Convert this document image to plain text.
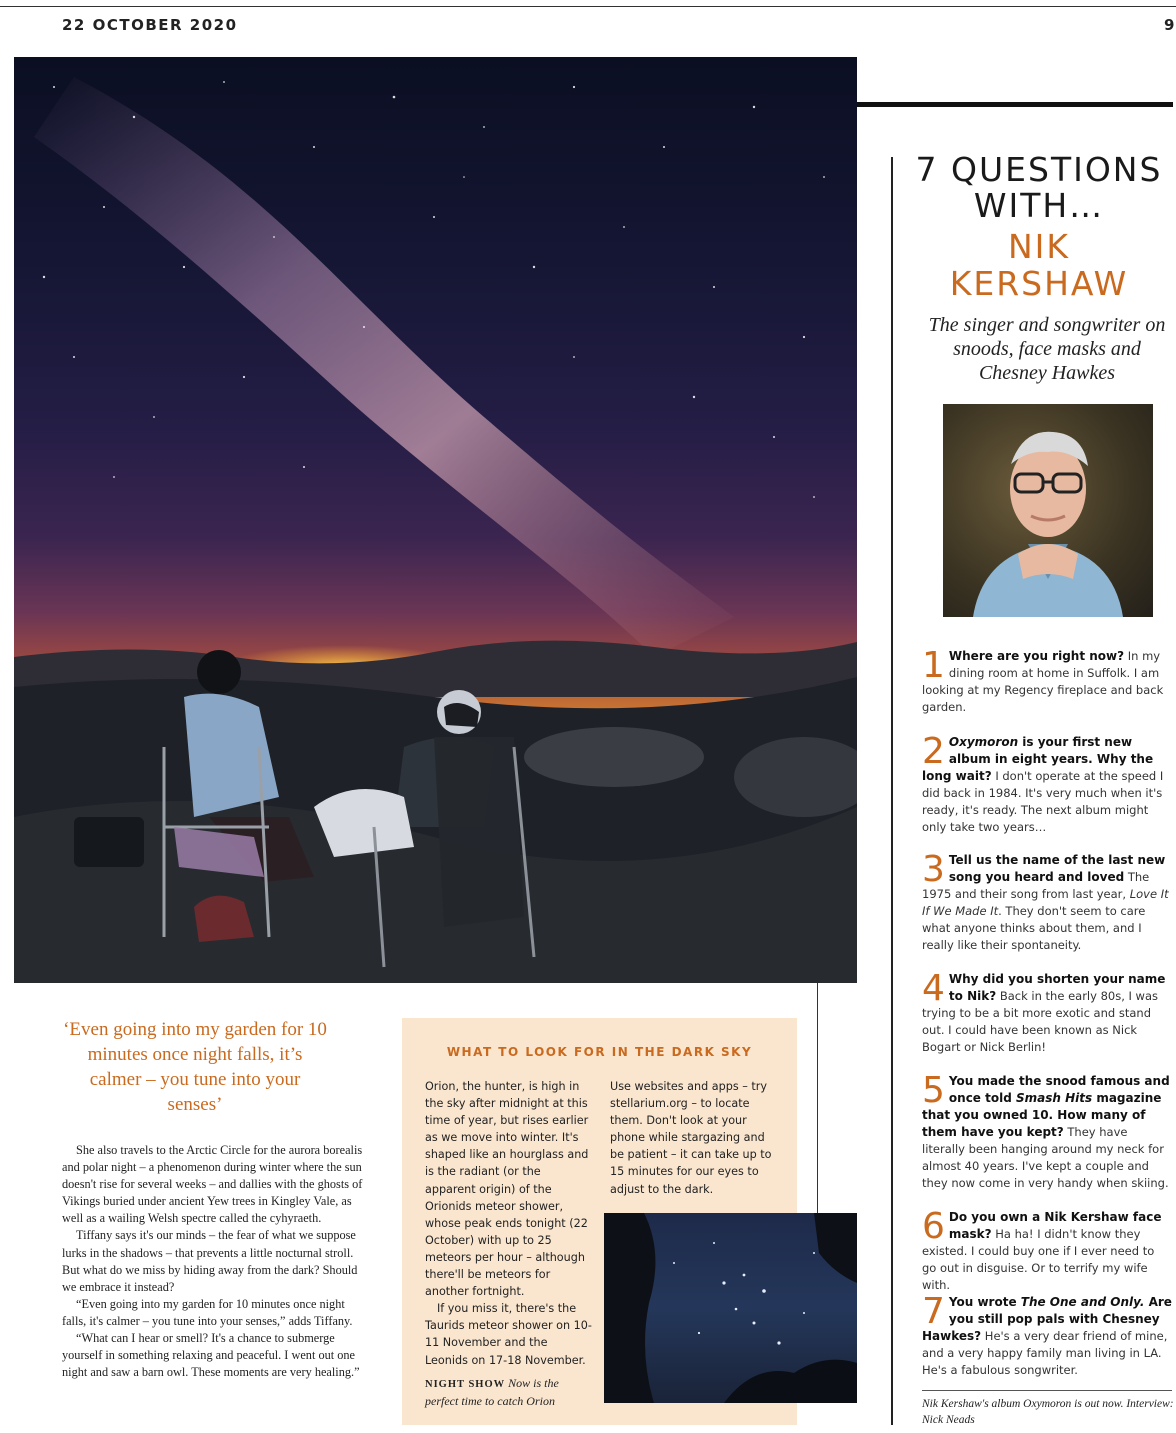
22 OCTOBER 2020	9
7 QUESTIONS
WITH…
NIK
KERSHAW
The singer and songwriter on snoods, face masks and Chesney Hawkes
1 Where are you right now? In my dining room at home in Suffolk. I am looking at my Regency fireplace and back garden.
2 Oxymoron is your first new album in eight years. Why the long wait? I don't operate at the speed I did back in 1984. It's very much when it's ready, it's ready. The next album might only take two years…
3 Tell us the name of the last new song you heard and loved The 1975 and their song from last year, Love It If We Made It. They don't seem to care what anyone thinks about them, and I really like their spontaneity.
4 Why did you shorten your name to Nik? Back in the early 80s, I was trying to be a bit more exotic and stand out. I could have been known as Nick Bogart or Nick Berlin!
5 You made the snood famous and once told Smash Hits magazine that you owned 10. How many of them have you kept? They have literally been hanging around my neck for almost 40 years. I've kept a couple and they now come in very handy when skiing.
6 Do you own a Nik Kershaw face mask? Ha ha! I didn't know they existed. I could buy one if I ever need to go out in disguise. Or to terrify my wife with.
7 You wrote The One and Only. Are you still pop pals with Chesney Hawkes? He's a very dear friend of mine, and a very happy family man living in LA. He's a fabulous songwriter.
Nik Kershaw's album Oxymoron is out now. Interview: Nick Neads
‘Even going into my garden for 10 minutes once night falls, it’s calmer – you tune into your senses’

She also travels to the Arctic Circle for the aurora borealis and polar night – a phenomenon during winter where the sun doesn't rise for several weeks – and dallies with the ghosts of Vikings buried under ancient Yew trees in Kingley Vale, as well as a wailing Welsh spectre called the cyhyraeth.

Tiffany says it's our minds – the fear of what we suppose lurks in the shadows – that prevents a little nocturnal stroll. But what do we miss by hiding away from the dark? Should we embrace it instead?

“Even going into my garden for 10 minutes once night falls, it's calmer – you tune into your senses,” adds Tiffany.

“What can I hear or smell? It's a chance to submerge yourself in something relaxing and peaceful. I went out one night and saw a barn owl. These moments are very healing.”

WHAT TO LOOK FOR IN THE DARK SKY

Orion, the hunter, is high in the sky after midnight at this time of year, but rises earlier as we move into winter. It's shaped like an hourglass and is the radiant (or the apparent origin) of the Orionids meteor shower, whose peak ends tonight (22 October) with up to 25 meteors per hour – although there'll be meteors for another fortnight.

If you miss it, there's the Taurids meteor shower on 10-11 November and the Leonids on 17-18 November.

Use websites and apps – try stellarium.org – to locate them. Don't look at your phone while stargazing and be patient – it can take up to 15 minutes for our eyes to adjust to the dark.
NIGHT SHOW Now is the perfect time to catch Orion
